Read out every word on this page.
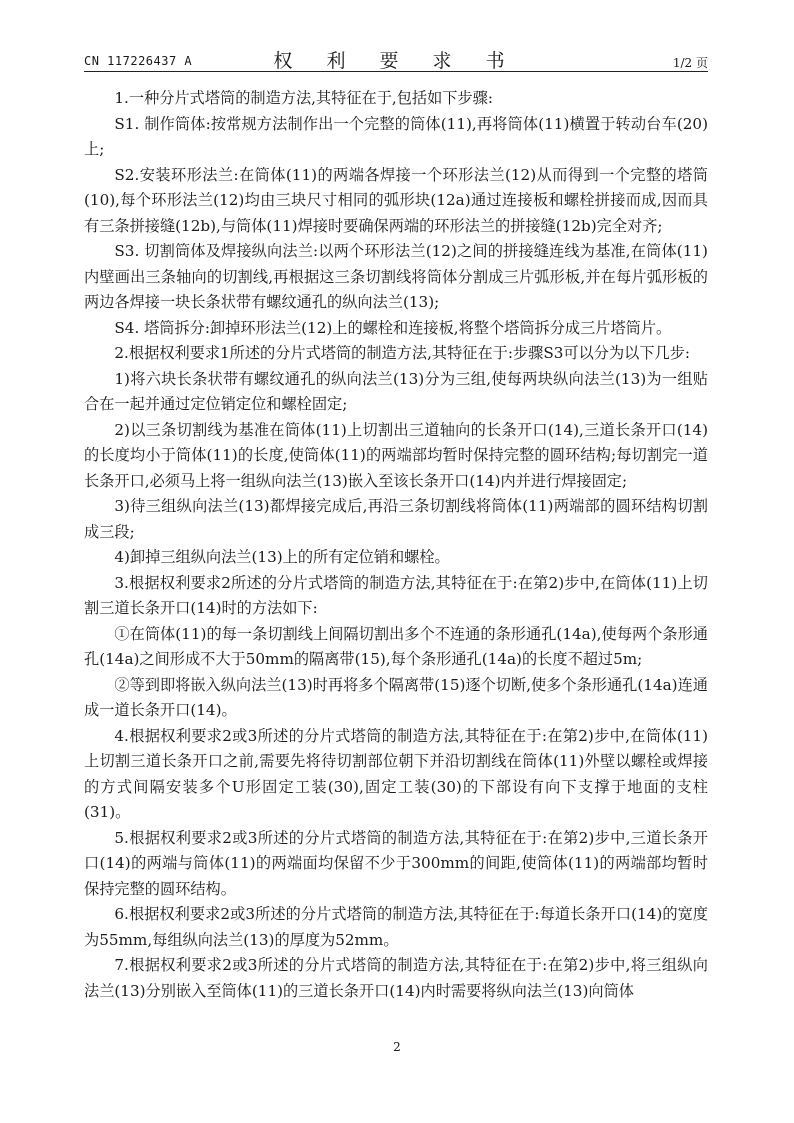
CN 117226437 A	权 利 要 求 书	1/2 页

1.一种分片式塔筒的制造方法,其特征在于,包括如下步骤:

S1. 制作筒体:按常规方法制作出一个完整的筒体(11),再将筒体(11)横置于转动台车(20)上;

S2.安装环形法兰:在筒体(11)的两端各焊接一个环形法兰(12)从而得到一个完整的塔筒(10),每个环形法兰(12)均由三块尺寸相同的弧形块(12a)通过连接板和螺栓拼接而成,因而具有三条拼接缝(12b),与筒体(11)焊接时要确保两端的环形法兰的拼接缝(12b)完全对齐;

S3. 切割筒体及焊接纵向法兰:以两个环形法兰(12)之间的拼接缝连线为基准,在筒体(11)内壁画出三条轴向的切割线,再根据这三条切割线将筒体分割成三片弧形板,并在每片弧形板的两边各焊接一块长条状带有螺纹通孔的纵向法兰(13);

S4. 塔筒拆分:卸掉环形法兰(12)上的螺栓和连接板,将整个塔筒拆分成三片塔筒片。

2.根据权利要求1所述的分片式塔筒的制造方法,其特征在于:步骤S3可以分为以下几步:

1)将六块长条状带有螺纹通孔的纵向法兰(13)分为三组,使每两块纵向法兰(13)为一组贴合在一起并通过定位销定位和螺栓固定;

2)以三条切割线为基准在筒体(11)上切割出三道轴向的长条开口(14),三道长条开口(14)的长度均小于筒体(11)的长度,使筒体(11)的两端部均暂时保持完整的圆环结构;每切割完一道长条开口,必须马上将一组纵向法兰(13)嵌入至该长条开口(14)内并进行焊接固定;

3)待三组纵向法兰(13)都焊接完成后,再沿三条切割线将筒体(11)两端部的圆环结构切割成三段;

4)卸掉三组纵向法兰(13)上的所有定位销和螺栓。

3.根据权利要求2所述的分片式塔筒的制造方法,其特征在于:在第2)步中,在筒体(11)上切割三道长条开口(14)时的方法如下:

①在筒体(11)的每一条切割线上间隔切割出多个不连通的条形通孔(14a),使每两个条形通孔(14a)之间形成不大于50mm的隔离带(15),每个条形通孔(14a)的长度不超过5m;

②等到即将嵌入纵向法兰(13)时再将多个隔离带(15)逐个切断,使多个条形通孔(14a)连通成一道长条开口(14)。

4.根据权利要求2或3所述的分片式塔筒的制造方法,其特征在于:在第2)步中,在筒体(11)上切割三道长条开口之前,需要先将待切割部位朝下并沿切割线在筒体(11)外壁以螺栓或焊接的方式间隔安装多个U形固定工装(30),固定工装(30)的下部设有向下支撑于地面的支柱(31)。

5.根据权利要求2或3所述的分片式塔筒的制造方法,其特征在于:在第2)步中,三道长条开口(14)的两端与筒体(11)的两端面均保留不少于300mm的间距,使筒体(11)的两端部均暂时保持完整的圆环结构。

6.根据权利要求2或3所述的分片式塔筒的制造方法,其特征在于:每道长条开口(14)的宽度为55mm,每组纵向法兰(13)的厚度为52mm。

7.根据权利要求2或3所述的分片式塔筒的制造方法,其特征在于:在第2)步中,将三组纵向法兰(13)分别嵌入至筒体(11)的三道长条开口(14)内时需要将纵向法兰(13)向筒体

2
